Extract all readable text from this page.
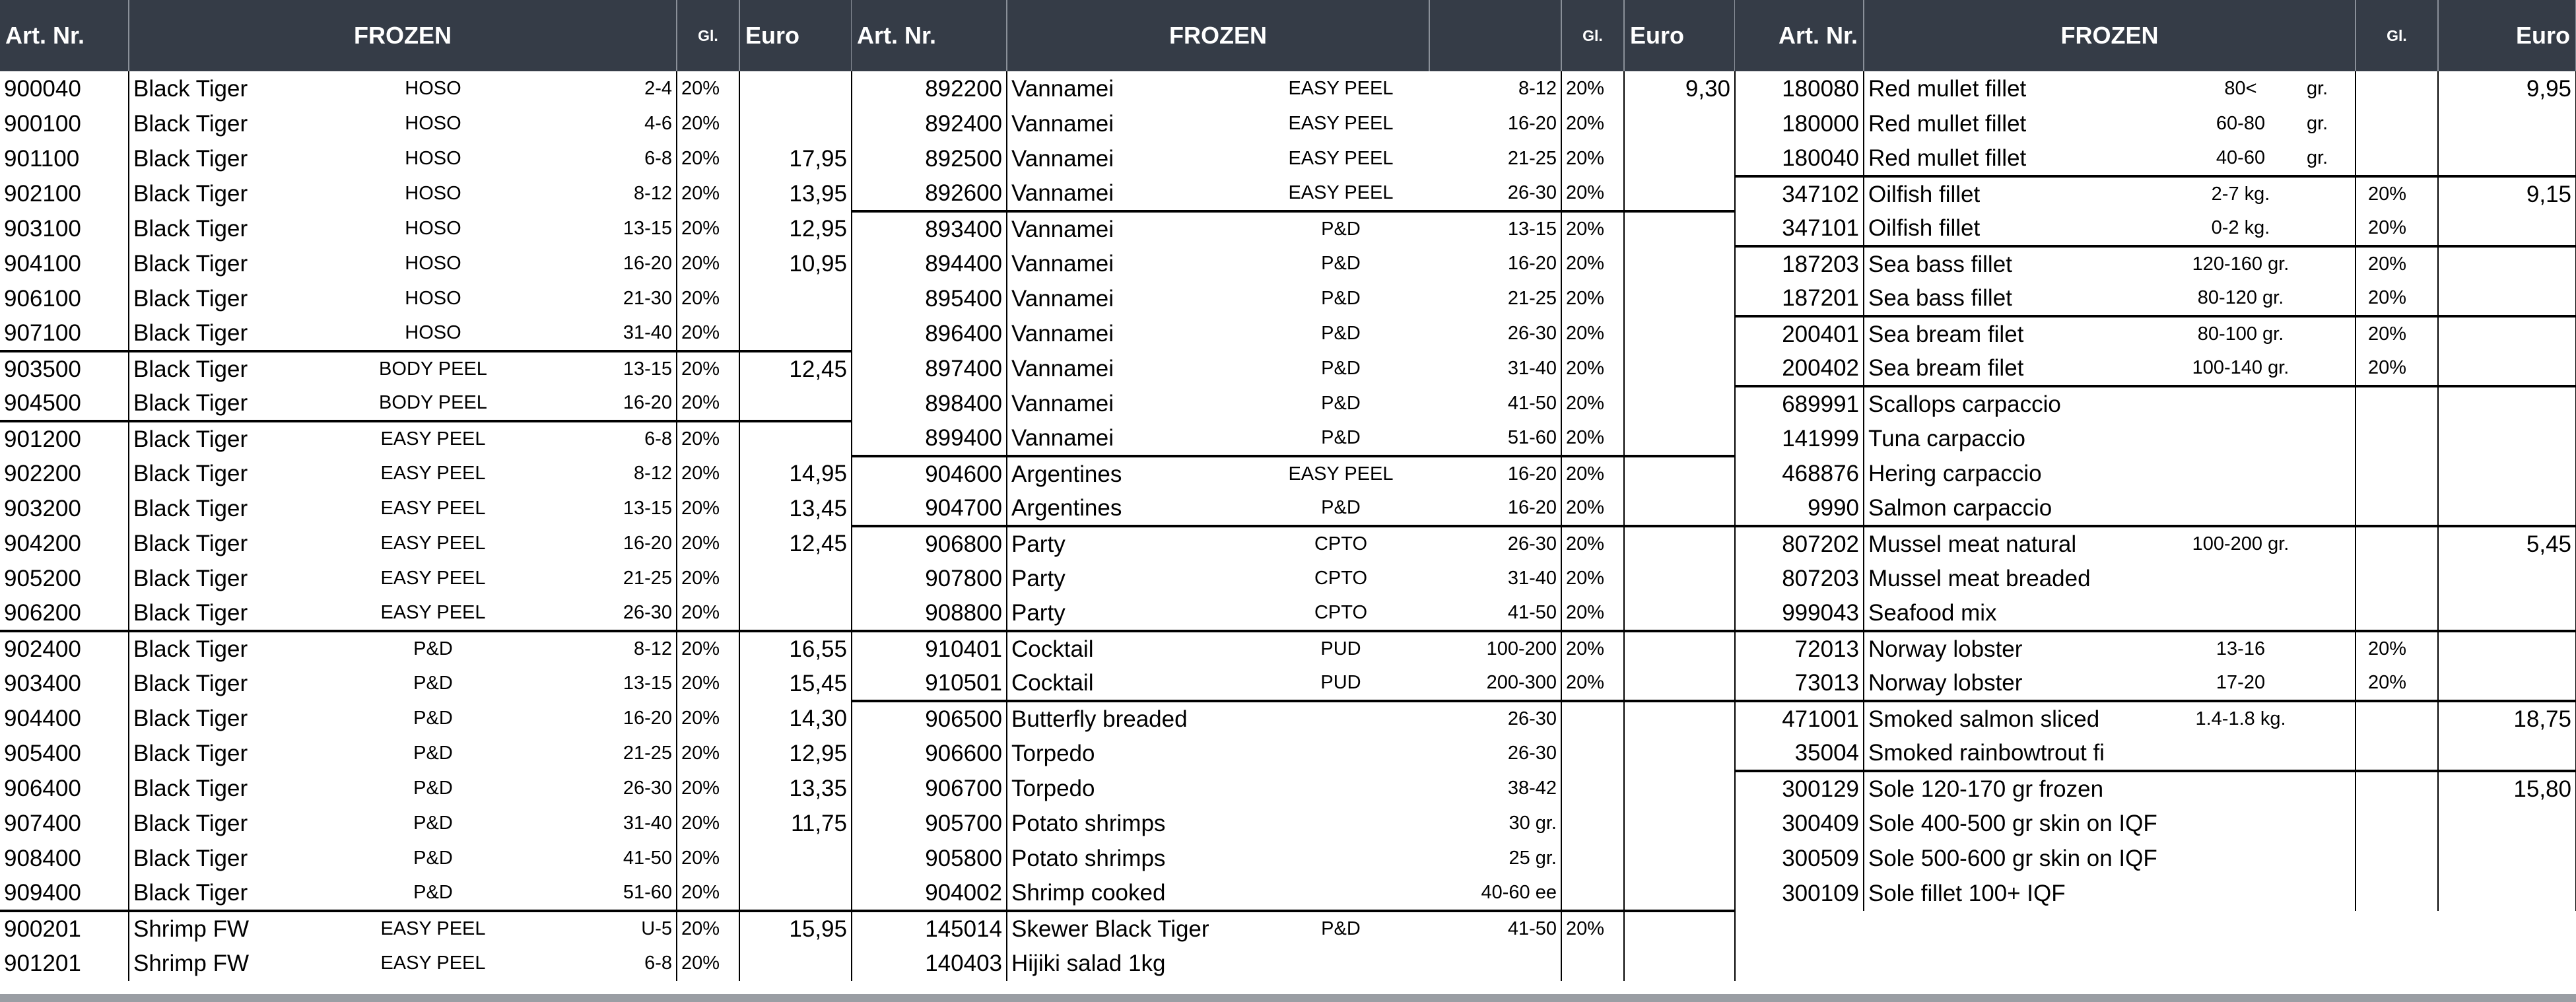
Art. Nr.	FROZEN	Gl.	Euro
900040	Black Tiger HOSO 2-4	20%	
900100	Black Tiger HOSO 4-6	20%	
901100	Black Tiger HOSO 6-8	20%	17,95
902100	Black Tiger HOSO 8-12	20%	13,95
903100	Black Tiger HOSO 13-15	20%	12,95
904100	Black Tiger HOSO 16-20	20%	10,95
906100	Black Tiger HOSO 21-30	20%	
907100	Black Tiger HOSO 31-40	20%	
903500	Black Tiger BODY PEEL 13-15	20%	12,45
904500	Black Tiger BODY PEEL 16-20	20%	
901200	Black Tiger EASY PEEL 6-8	20%	
902200	Black Tiger EASY PEEL 8-12	20%	14,95
903200	Black Tiger EASY PEEL 13-15	20%	13,45
904200	Black Tiger EASY PEEL 16-20	20%	12,45
905200	Black Tiger EASY PEEL 21-25	20%	
906200	Black Tiger EASY PEEL 26-30	20%	
902400	Black Tiger P&D 8-12	20%	16,55
903400	Black Tiger P&D 13-15	20%	15,45
904400	Black Tiger P&D 16-20	20%	14,30
905400	Black Tiger P&D 21-25	20%	12,95
906400	Black Tiger P&D 26-30	20%	13,35
907400	Black Tiger P&D 31-40	20%	11,75
908400	Black Tiger P&D 41-50	20%	
909400	Black Tiger P&D 51-60	20%	
900201	Shrimp FW EASY PEEL U-5	20%	15,95
901201	Shrimp FW EASY PEEL 6-8	20%	
Art. Nr.	FROZEN		Gl.	Euro
892200	Vannamei EASY PEEL	8-12	20%	9,30
892400	Vannamei EASY PEEL	16-20	20%	
892500	Vannamei EASY PEEL	21-25	20%	
892600	Vannamei EASY PEEL	26-30	20%	
893400	Vannamei P&D	13-15	20%	
894400	Vannamei P&D	16-20	20%	
895400	Vannamei P&D	21-25	20%	
896400	Vannamei P&D	26-30	20%	
897400	Vannamei P&D	31-40	20%	
898400	Vannamei P&D	41-50	20%	
899400	Vannamei P&D	51-60	20%	
904600	Argentines EASY PEEL	16-20	20%	
904700	Argentines P&D	16-20	20%	
906800	Party CPTO	26-30	20%	
907800	Party CPTO	31-40	20%	
908800	Party CPTO	41-50	20%	
910401	Cocktail PUD	100-200	20%	
910501	Cocktail PUD	200-300	20%	
906500	Butterfly breaded	26-30		

906600	Torpedo	26-30		

906700	Torpedo	38-42		

905700	Potato shrimps	30 gr.		

905800	Potato shrimps	25 gr.		

904002	Shrimp cooked	40-60 ee		

145014	Skewer Black Tiger P&D	41-50	20%	
140403	Hijiki salad 1kg

Art. Nr.	FROZEN	Gl.	Euro
180080	Red mullet fillet 80< gr.		9,95
180000	Red mullet fillet 60-80 gr.		

180040	Red mullet fillet 40-60 gr.		

347102	Oilfish fillet 2-7 kg.	20%	9,15
347101	Oilfish fillet 0-2 kg.	20%	
187203	Sea bass fillet 120-160 gr.	20%	
187201	Sea bass fillet 80-120 gr.	20%	
200401	Sea bream filet 80-100 gr.	20%	
200402	Sea bream filet 100-140 gr.	20%	
689991	Scallops carpaccio

141999	Tuna carpaccio

468876	Hering carpaccio

9990	Salmon carpaccio

807202	Mussel meat natural 100-200 gr.		5,45
807203	Mussel meat breaded

999043	Seafood mix

72013	Norway lobster 13-16	20%	
73013	Norway lobster 17-20	20%	
471001	Smoked salmon sliced 1.4-1.8 kg.		18,75
35004	Smoked rainbowtrout fi

300129	Sole 120-170 gr frozen		15,80
300409	Sole 400-500 gr skin on IQF

300509	Sole 500-600 gr skin on IQF

300109	Sole fillet 100+ IQF
